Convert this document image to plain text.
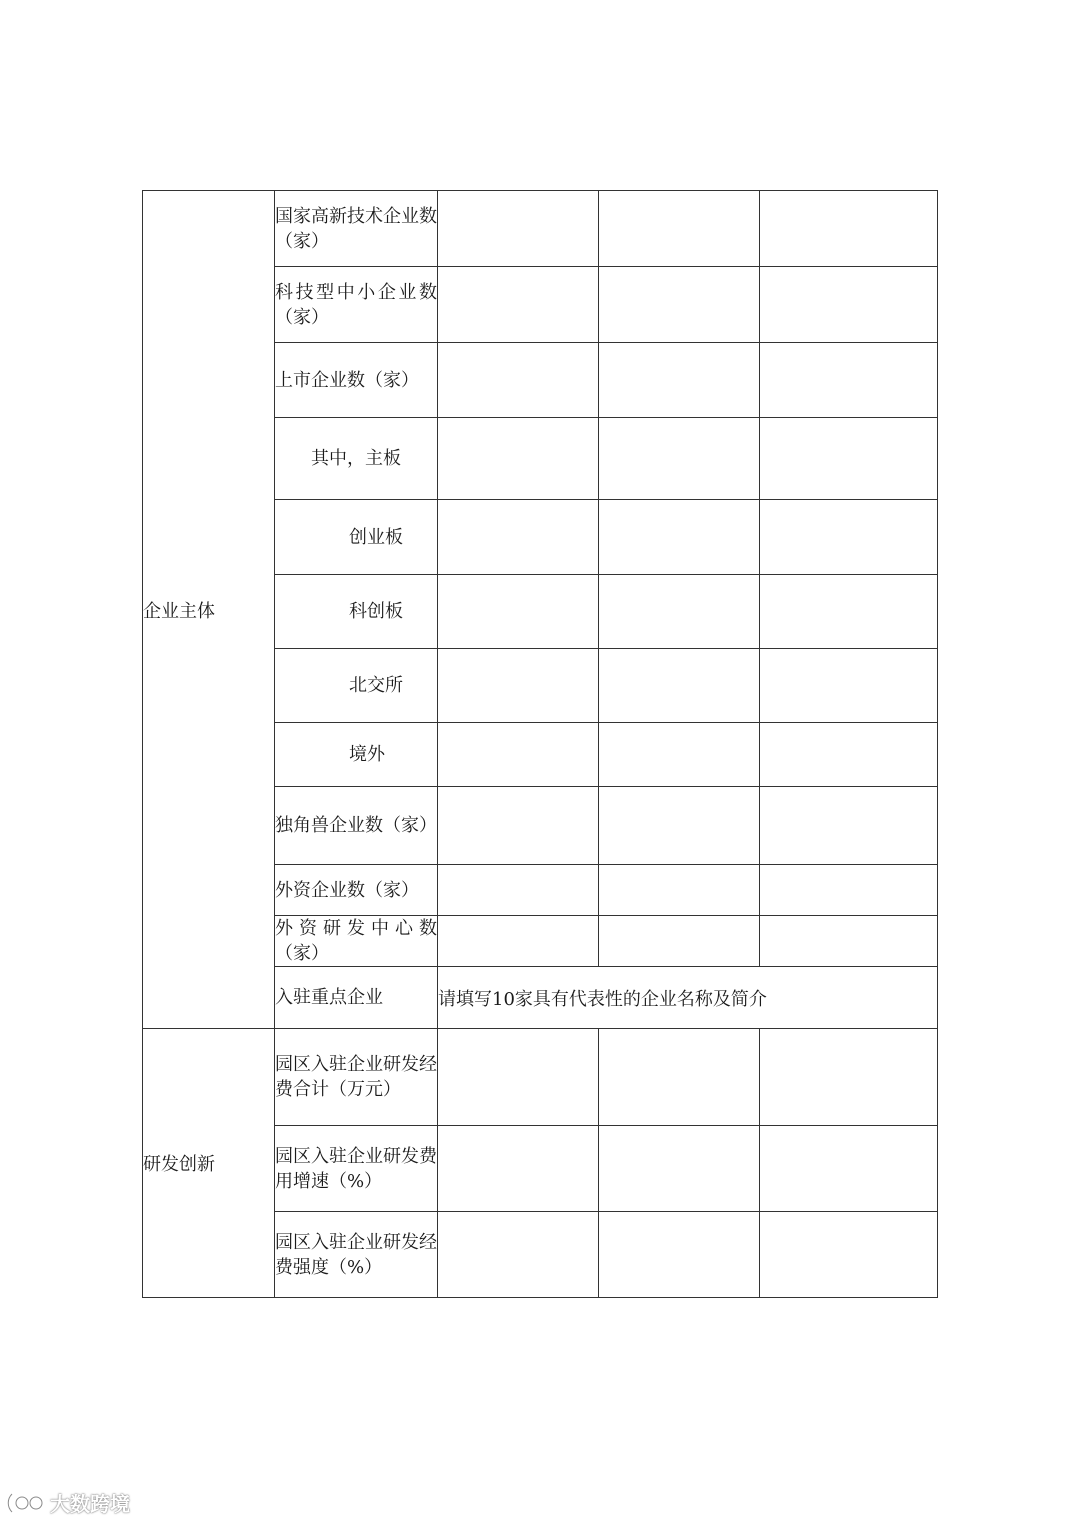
企业主体	国家高新技术企业数（家）			
	科技型中小企业数（家）			
	上市企业数（家）			
	其中，主板			
	创业板			
	科创板			
	北交所			
	境外			
	独角兽企业数（家）			
	外资企业数（家）			
	外资研发中心数（家）			
	入驻重点企业	请填写10家具有代表性的企业名称及简介		
研发创新	园区入驻企业研发经费合计（万元）			
	园区入驻企业研发费用增速（%）			
	园区入驻企业研发经费强度（%）			
大数跨境
